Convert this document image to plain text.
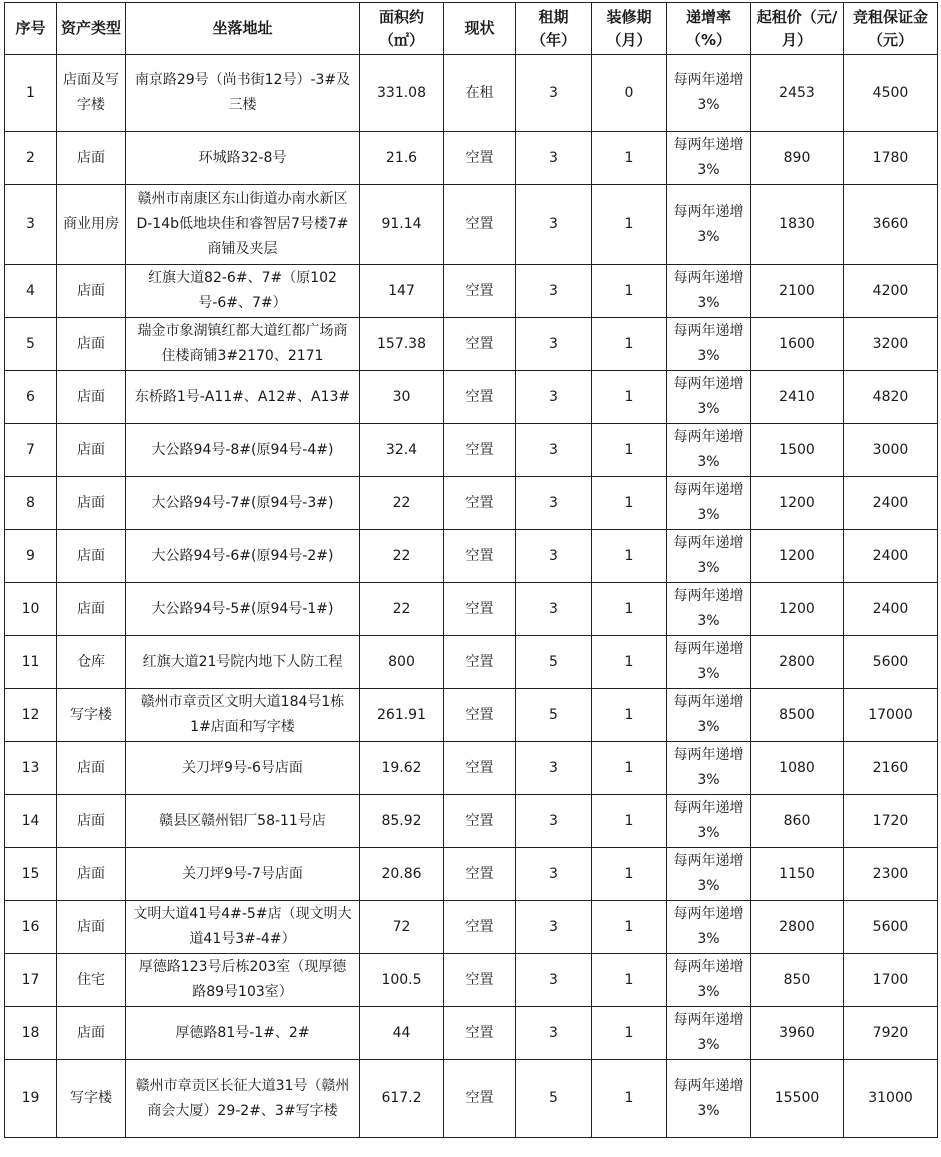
序号	资产类型	坐落地址	面积约（㎡）	现状	租期（年）	装修期（月）	递增率（%）	起租价（元/月）	竞租保证金（元）
1	店面及写字楼	南京路29号（尚书街12号）-3#及三楼	331.08	在租	3	0	每两年递增3%	2453	4500
2	店面	环城路32-8号	21.6	空置	3	1	每两年递增3%	890	1780
3	商业用房	赣州市南康区东山街道办南水新区D-14b低地块佳和睿智居7号楼7#商铺及夹层	91.14	空置	3	1	每两年递增3%	1830	3660
4	店面	红旗大道82-6#、7#（原102号-6#、7#）	147	空置	3	1	每两年递增3%	2100	4200
5	店面	瑞金市象湖镇红都大道红都广场商住楼商铺3#2170、2171	157.38	空置	3	1	每两年递增3%	1600	3200
6	店面	东桥路1号-A11#、A12#、A13#	30	空置	3	1	每两年递增3%	2410	4820
7	店面	大公路94号-8#(原94号-4#)	32.4	空置	3	1	每两年递增3%	1500	3000
8	店面	大公路94号-7#(原94号-3#)	22	空置	3	1	每两年递增3%	1200	2400
9	店面	大公路94号-6#(原94号-2#)	22	空置	3	1	每两年递增3%	1200	2400
10	店面	大公路94号-5#(原94号-1#)	22	空置	3	1	每两年递增3%	1200	2400
11	仓库	红旗大道21号院内地下人防工程	800	空置	5	1	每两年递增3%	2800	5600
12	写字楼	赣州市章贡区文明大道184号1栋1#店面和写字楼	261.91	空置	5	1	每两年递增3%	8500	17000
13	店面	关刀坪9号-6号店面	19.62	空置	3	1	每两年递增3%	1080	2160
14	店面	赣县区赣州铝厂58-11号店	85.92	空置	3	1	每两年递增3%	860	1720
15	店面	关刀坪9号-7号店面	20.86	空置	3	1	每两年递增3%	1150	2300
16	店面	文明大道41号4#-5#店（现文明大道41号3#-4#）	72	空置	3	1	每两年递增3%	2800	5600
17	住宅	厚德路123号后栋203室（现厚德路89号103室）	100.5	空置	3	1	每两年递增3%	850	1700
18	店面	厚德路81号-1#、2#	44	空置	3	1	每两年递增3%	3960	7920
19	写字楼	赣州市章贡区长征大道31号（赣州商会大厦）29-2#、3#写字楼	617.2	空置	5	1	每两年递增3%	15500	31000
